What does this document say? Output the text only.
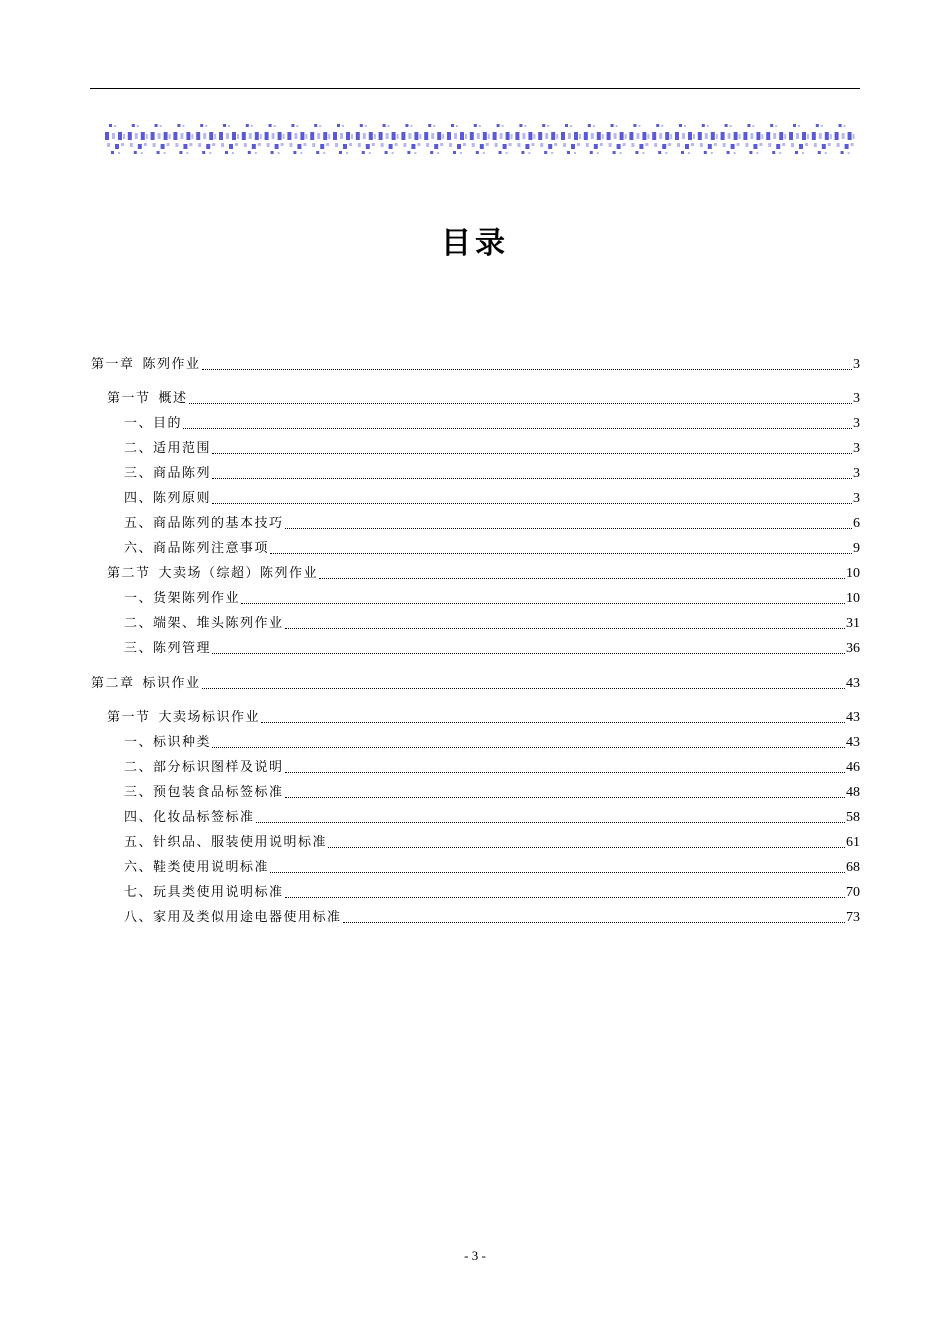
目录
第一章 陈列作业	3
第一节 概述	3
一、目的	3
二、适用范围	3
三、商品陈列	3
四、陈列原则	3
五、商品陈列的基本技巧	6
六、商品陈列注意事项	9
第二节 大卖场（综超）陈列作业	10
一、货架陈列作业	10
二、端架、堆头陈列作业	31
三、陈列管理	36
第二章 标识作业	43
第一节 大卖场标识作业	43
一、标识种类	43
二、部分标识图样及说明	46
三、预包装食品标签标准	48
四、化妆品标签标准	58
五、针织品、服装使用说明标准	61
六、鞋类使用说明标准	68
七、玩具类使用说明标准	70
八、家用及类似用途电器使用标准	73
- 3 -
